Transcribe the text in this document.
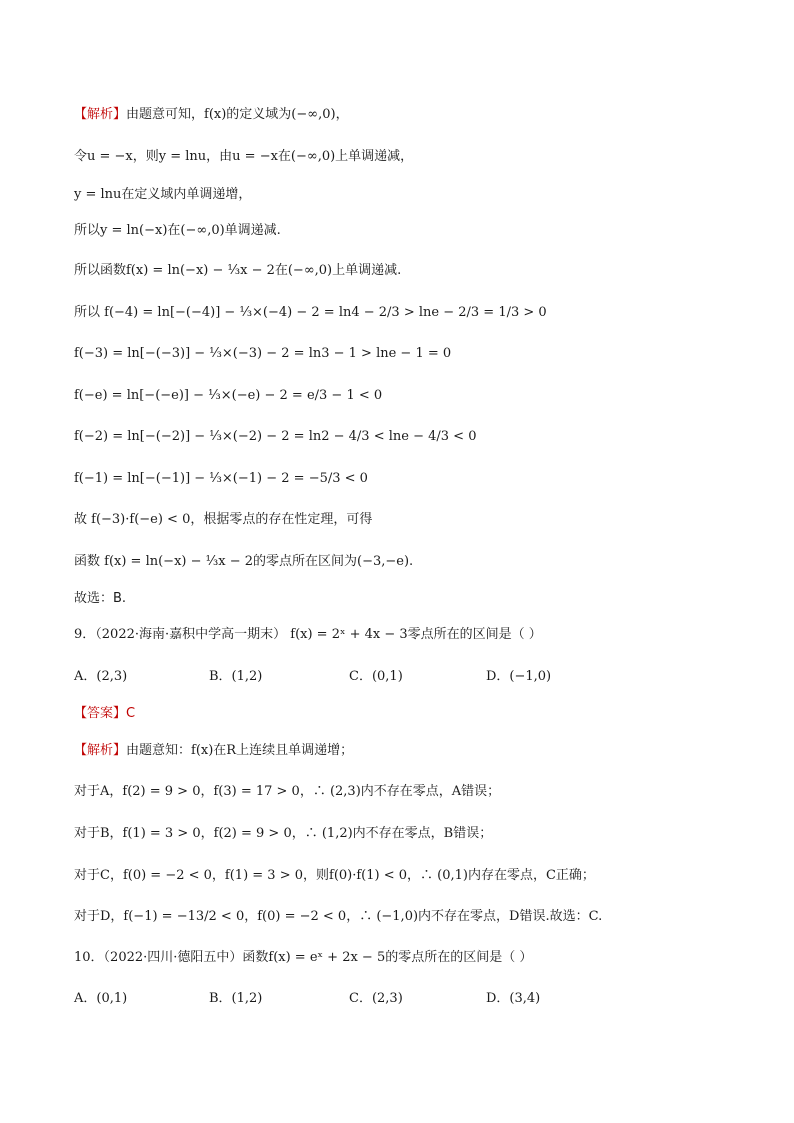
【解析】由题意可知，f(x)的定义域为(−∞,0)，
令u = −x，则y = lnu，由u = −x在(−∞,0)上单调递减，
y = lnu在定义域内单调递增，
所以y = ln(−x)在(−∞,0)单调递减.
所以函数f(x) = ln(−x) − ⅓x − 2在(−∞,0)上单调递减.
所以 f(−4) = ln[−(−4)] − ⅓×(−4) − 2 = ln4 − 2/3 > lne − 2/3 = 1/3 > 0
f(−3) = ln[−(−3)] − ⅓×(−3) − 2 = ln3 − 1 > lne − 1 = 0
f(−e) = ln[−(−e)] − ⅓×(−e) − 2 = e/3 − 1 < 0
f(−2) = ln[−(−2)] − ⅓×(−2) − 2 = ln2 − 4/3 < lne − 4/3 < 0
f(−1) = ln[−(−1)] − ⅓×(−1) − 2 = −5/3 < 0
故 f(−3)·f(−e) < 0，根据零点的存在性定理，可得
函数 f(x) = ln(−x) − ⅓x − 2的零点所在区间为(−3,−e).
故选：B.
9．（2022·海南·嘉积中学高一期末） f(x) = 2ˣ + 4x − 3零点所在的区间是（ ）
A．(2,3)	B．(1,2)	C．(0,1)	D．(−1,0)
【答案】C
【解析】由题意知：f(x)在R上连续且单调递增；
对于A，f(2) = 9 > 0，f(3) = 17 > 0，∴ (2,3)内不存在零点，A错误；
对于B，f(1) = 3 > 0，f(2) = 9 > 0，∴ (1,2)内不存在零点，B错误；
对于C，f(0) = −2 < 0，f(1) = 3 > 0，则f(0)·f(1) < 0，∴ (0,1)内存在零点，C正确；
对于D，f(−1) = −13/2 < 0，f(0) = −2 < 0，∴ (−1,0)内不存在零点，D错误.故选：C.
10．（2022·四川·德阳五中）函数f(x) = eˣ + 2x − 5的零点所在的区间是（ ）
A．(0,1)	B．(1,2)	C．(2,3)	D．(3,4)
